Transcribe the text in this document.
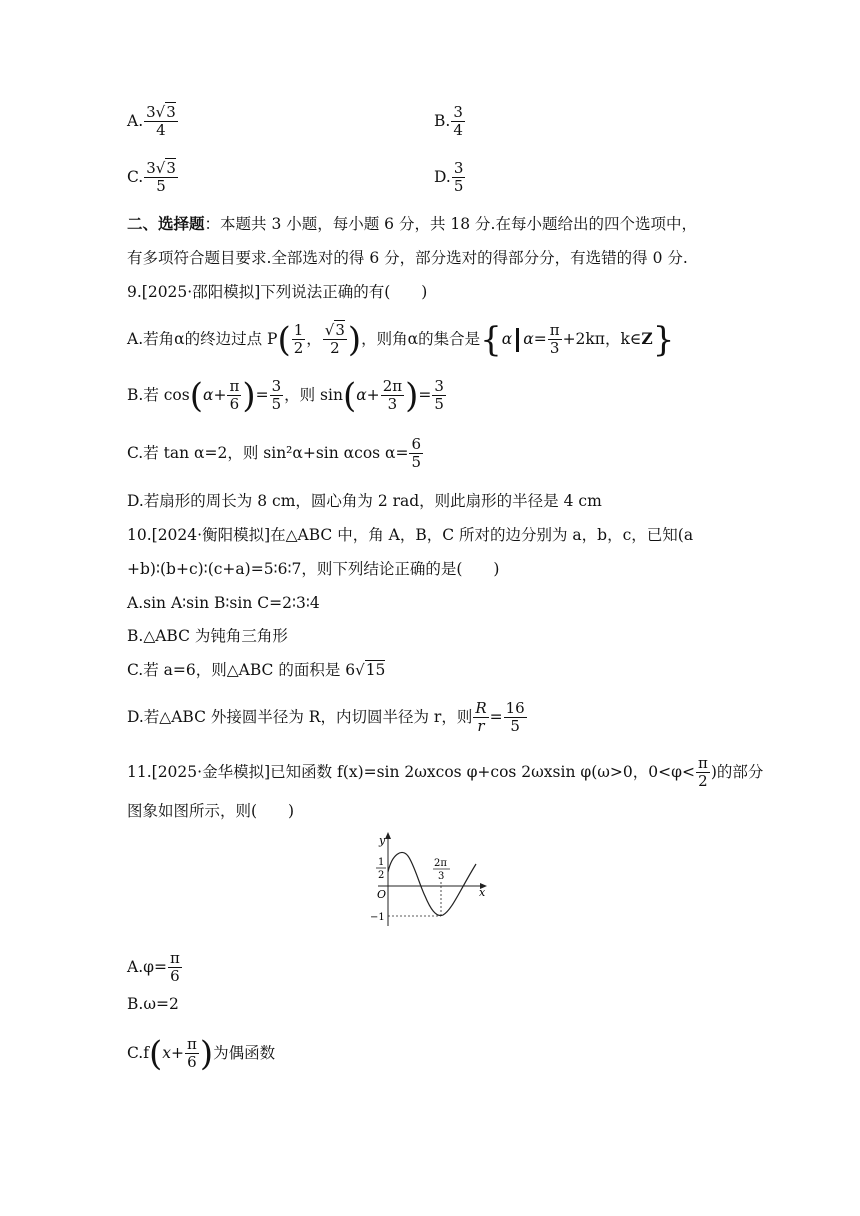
A. $\frac{3√3}{4}$	B. $\frac{3}{4}$
C. $\frac{3√3}{5}$	D. $\frac{3}{5}$
二、选择题：本题共 3 小题，每小题 6 分，共 18 分.在每小题给出的四个选项中，
有多项符合题目要求.全部选对的得 6 分，部分选对的得部分分，有选错的得 0 分.
9.[2025·邵阳模拟]下列说法正确的有(　　)
A.若角α的终边过点 $P( \frac{1}{2}$ ， $\frac{√3}{2}$ )，则角α的集合是{α $\alpha= \frac{\pi}{3} +2k\pi$，k∈Z}
B.若 $\cos(\alpha+ \frac{\pi}{6}$ )= $\frac{3}{5}$ ，则 $\sin(\alpha+ \frac{2\pi}{3}$ )= $\frac{3}{5}$
C.若 tan α=2，则 sin²α+sin αcos $\alpha= \frac{6}{5}$
D.若扇形的周长为 8 cm，圆心角为 2 rad，则此扇形的半径是 4 cm
10.[2024·衡阳模拟]在△ABC 中，角 A，B，C 所对的边分别为 a，b，c，已知(a
+b)∶(b+c)∶(c+a)=5∶6∶7，则下列结论正确的是(　　)
A.sin A∶sin B∶sin C=2∶3∶4
B.△ABC 为钝角三角形
C.若 a=6，则△ABC 的面积是 6√15
D.若△ABC 外接圆半径为 R，内切圆半径为 r，则 $\frac{R}{r} = \frac{16}{5}$
11.[2025·金华模拟]已知函数 f(x)=sin 2ωxcos φ+cos 2ωxsin φ(ω>0，$0<\varphi< \frac{\pi}{2}$ )的部分
图象如图所示，则(　　)
y
x
O
1
2
−1
2π
3
$A.\varphi= \frac{\pi}{6}$
B.ω=2
$C.f(x+ \frac{\pi}{6}$ )为偶函数
